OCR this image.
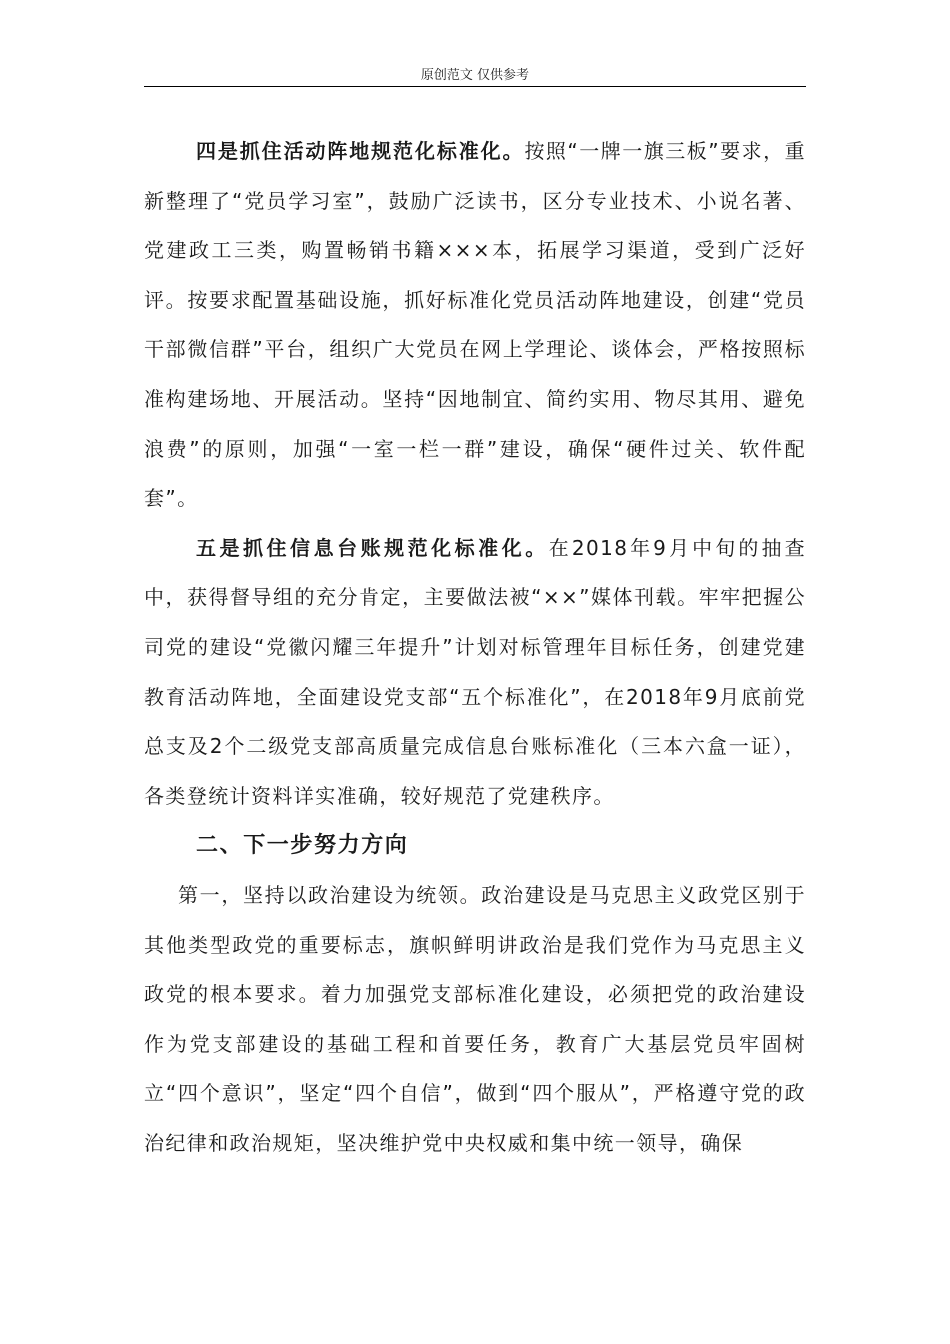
原创范文 仅供参考

四是抓住活动阵地规范化标准化。按照“一牌一旗三板”要求，重新整理了“党员学习室”，鼓励广泛读书，区分专业技术、小说名著、党建政工三类，购置畅销书籍×××本，拓展学习渠道，受到广泛好评。按要求配置基础设施，抓好标准化党员活动阵地建设，创建“党员干部微信群”平台，组织广大党员在网上学理论、谈体会，严格按照标准构建场地、开展活动。坚持“因地制宜、简约实用、物尽其用、避免浪费”的原则，加强“一室一栏一群”建设，确保“硬件过关、软件配套”。

五是抓住信息台账规范化标准化。在2018年9月中旬的抽查中，获得督导组的充分肯定，主要做法被“××”媒体刊载。牢牢把握公司党的建设“党徽闪耀三年提升”计划对标管理年目标任务，创建党建教育活动阵地，全面建设党支部“五个标准化”，在2018年9月底前党总支及2个二级党支部高质量完成信息台账标准化（三本六盒一证），各类登统计资料详实准确，较好规范了党建秩序。

二、下一步努力方向

第一，坚持以政治建设为统领。政治建设是马克思主义政党区别于其他类型政党的重要标志，旗帜鲜明讲政治是我们党作为马克思主义政党的根本要求。着力加强党支部标准化建设，必须把党的政治建设作为党支部建设的基础工程和首要任务，教育广大基层党员牢固树立“四个意识”，坚定“四个自信”，做到“四个服从”，严格遵守党的政治纪律和政治规矩，坚决维护党中央权威和集中统一领导，确保
